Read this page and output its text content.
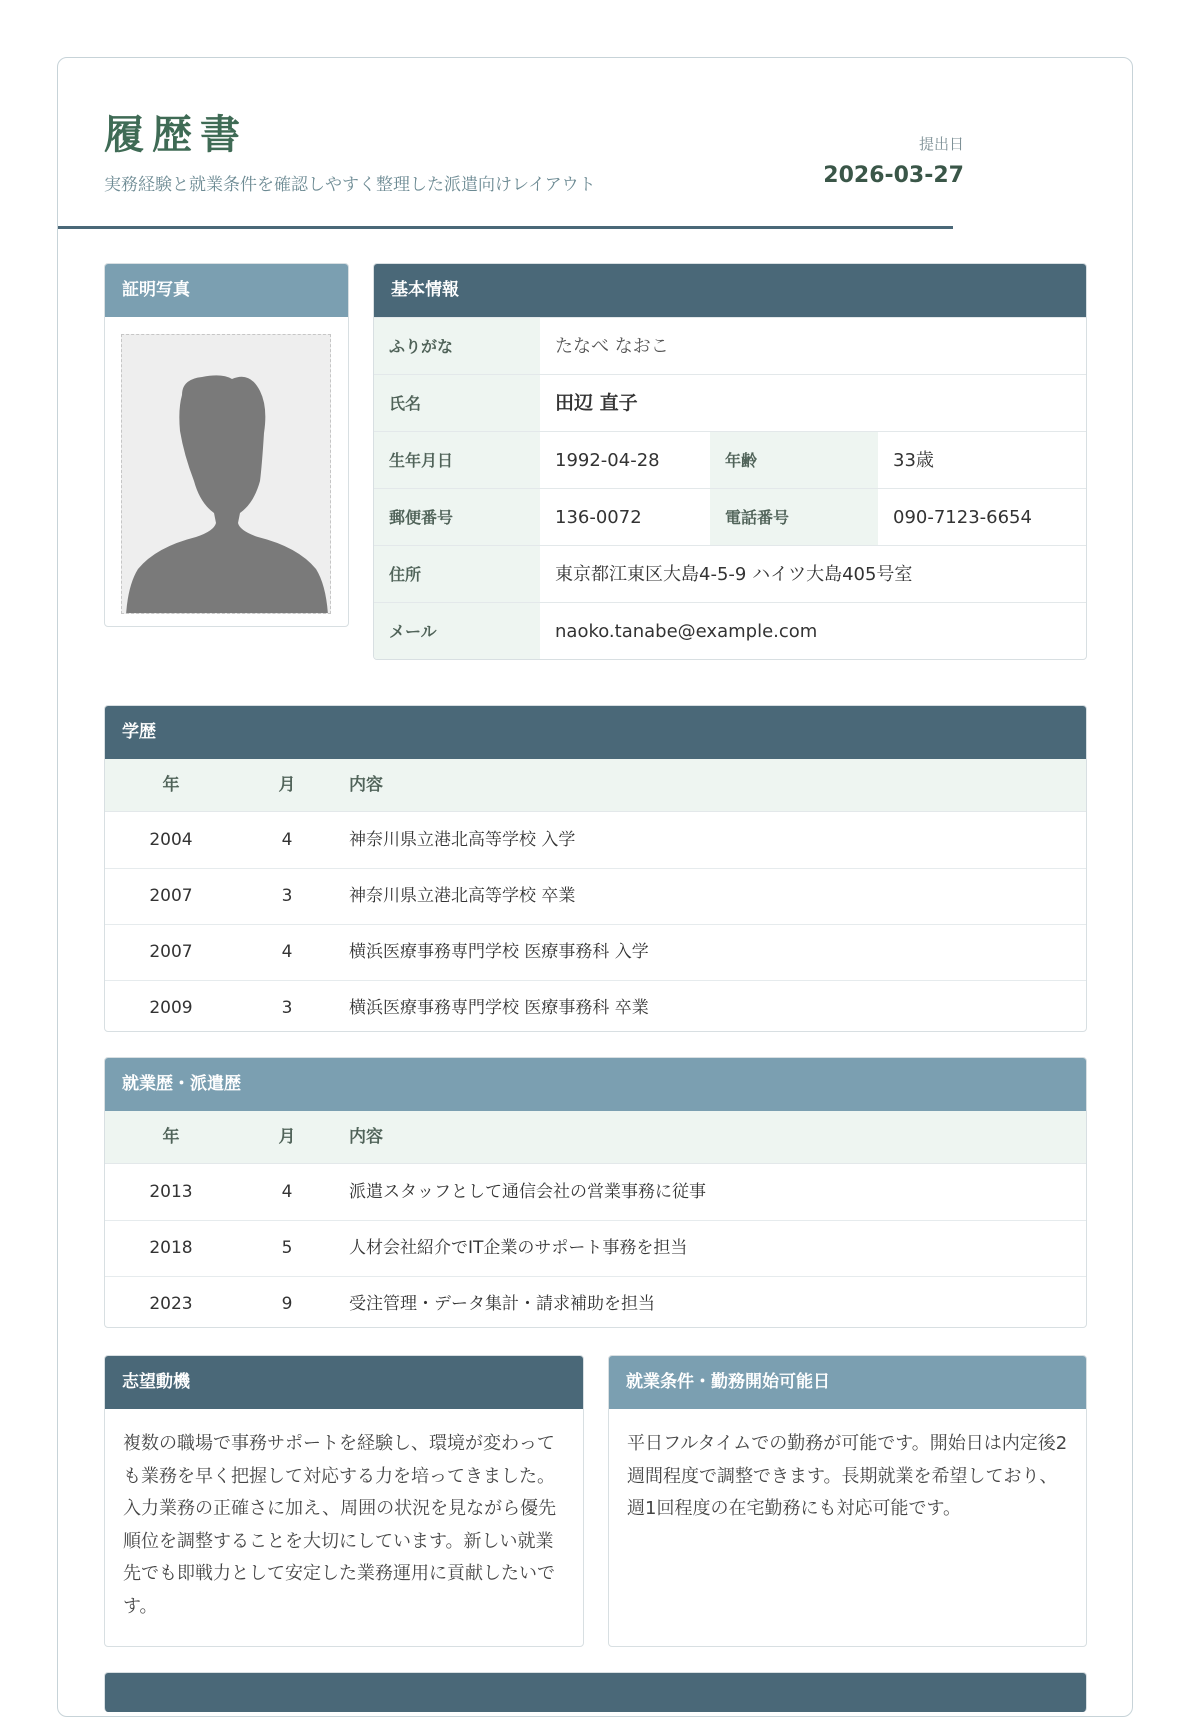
履歴書
実務経験と就業条件を確認しやすく整理した派遣向けレイアウト
提出日
2026-03-27
証明写真	基本情報
ふりがな	たなべ なおこ
氏名	田辺 直子
生年月日	1992-04-28	年齢	33歳
郵便番号	136-0072	電話番号	090-7123-6654
住所	東京都江東区大島4-5-9 ハイツ大島405号室
メール	naoko.tanabe@example.com
学歴
年	月	内容
2004	4	神奈川県立港北高等学校 入学
2007	3	神奈川県立港北高等学校 卒業
2007	4	横浜医療事務専門学校 医療事務科 入学
2009	3	横浜医療事務専門学校 医療事務科 卒業
就業歴・派遣歴
年	月	内容
2013	4	派遣スタッフとして通信会社の営業事務に従事
2018	5	人材会社紹介でIT企業のサポート事務を担当
2023	9	受注管理・データ集計・請求補助を担当
志望動機
複数の職場で事務サポートを経験し、環境が変わっても業務を早く把握して対応する力を培ってきました。入力業務の正確さに加え、周囲の状況を見ながら優先順位を調整することを大切にしています。新しい就業先でも即戦力として安定した業務運用に貢献したいです。
就業条件・勤務開始可能日
平日フルタイムでの勤務が可能です。開始日は内定後2週間程度で調整できます。長期就業を希望しており、週1回程度の在宅勤務にも対応可能です。
